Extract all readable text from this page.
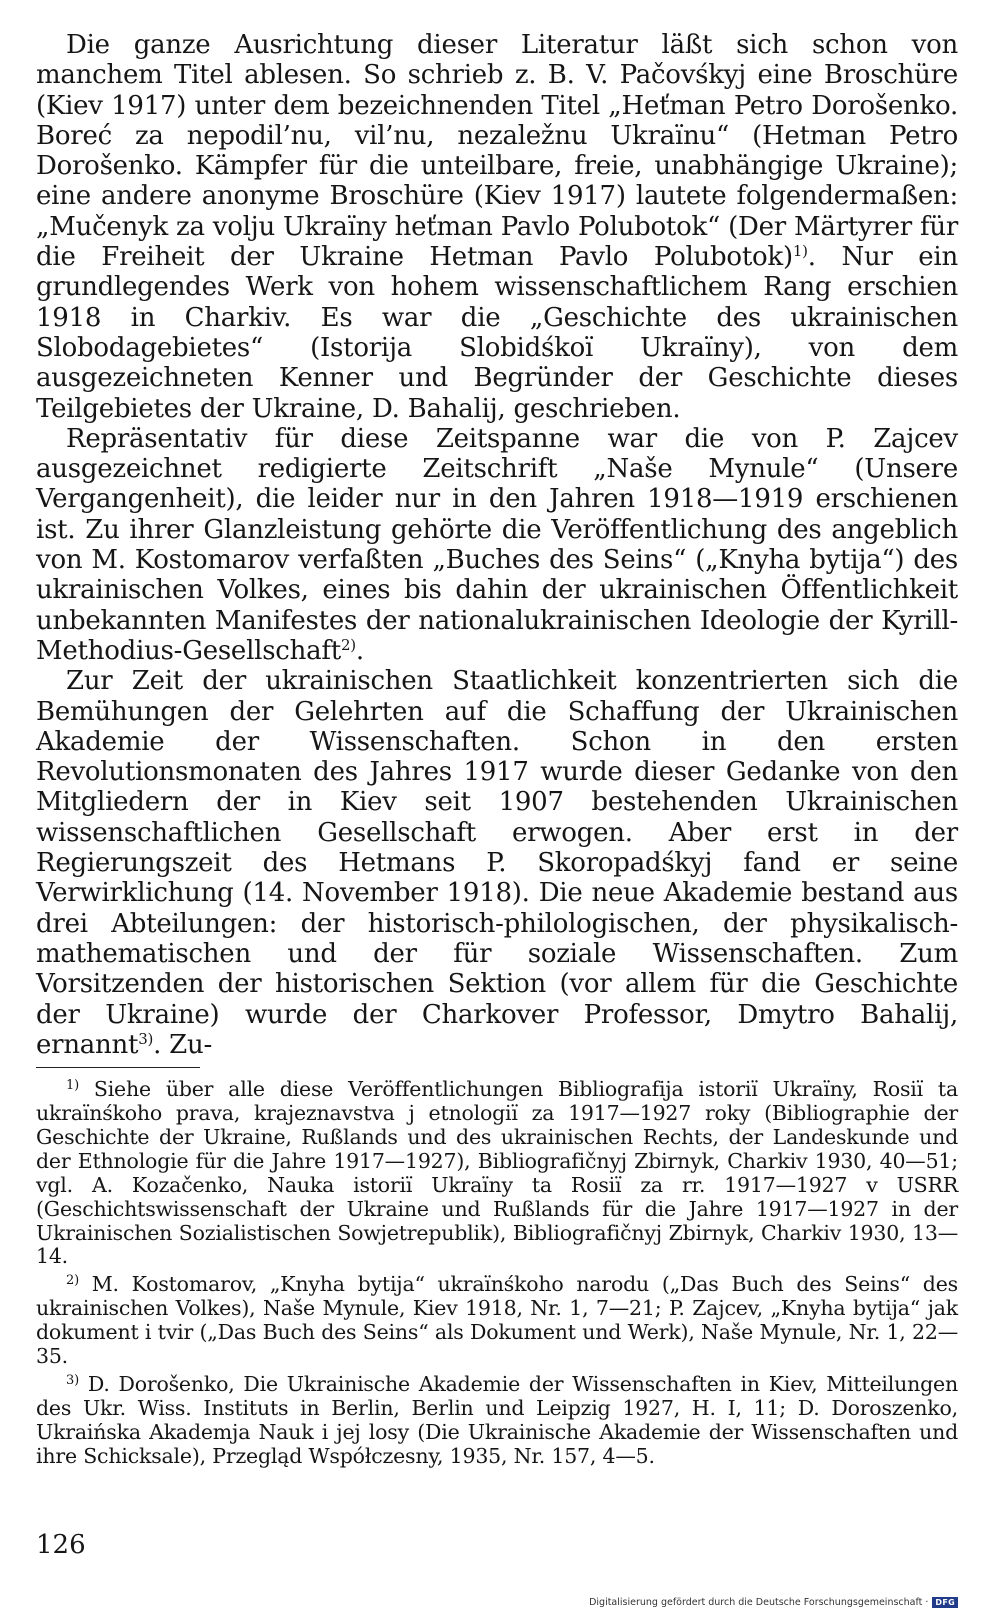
Die ganze Ausrichtung dieser Literatur läßt sich schon von manchem Titel ablesen. So schrieb z. B. V. Pačovśkyj eine Broschüre (Kiev 1917) unter dem bezeichnenden Titel „Heťman Petro Dorošenko. Boreć za nepodil’nu, vil’nu, nezaležnu Ukraïnu“ (Hetman Petro Dorošenko. Kämpfer für die unteilbare, freie, unabhängige Ukraine); eine andere anonyme Broschüre (Kiev 1917) lautete folgendermaßen: „Mučenyk za volju Ukraïny heťman Pavlo Polubotok“ (Der Märtyrer für die Freiheit der Ukraine Hetman Pavlo Polubotok)$^{1)}$. Nur ein grundlegendes Werk von hohem wissenschaftlichem Rang erschien 1918 in Charkiv. Es war die „Geschichte des ukrainischen Slobodagebietes“ (Istorija Slobidśkoï Ukraïny), von dem ausgezeichneten Kenner und Begründer der Geschichte dieses Teilgebietes der Ukraine, D. Bahalij, geschrieben.

Repräsentativ für diese Zeitspanne war die von P. Zajcev ausgezeichnet redigierte Zeitschrift „Naše Mynule“ (Unsere Vergangenheit), die leider nur in den Jahren 1918—1919 erschienen ist. Zu ihrer Glanzleistung gehörte die Veröffentlichung des angeblich von M. Kostomarov verfaßten „Buches des Seins“ („Knyha bytija“) des ukrainischen Volkes, eines bis dahin der ukrainischen Öffentlichkeit unbekannten Manifestes der nationalukrainischen Ideologie der Kyrill-Methodius-Gesellschaft$^{2)}$.

Zur Zeit der ukrainischen Staatlichkeit konzentrierten sich die Bemühungen der Gelehrten auf die Schaffung der Ukrainischen Akademie der Wissenschaften. Schon in den ersten Revolutionsmonaten des Jahres 1917 wurde dieser Gedanke von den Mitgliedern der in Kiev seit 1907 bestehenden Ukrainischen wissenschaftlichen Gesellschaft erwogen. Aber erst in der Regierungszeit des Hetmans P. Skoropadśkyj fand er seine Verwirklichung (14. November 1918). Die neue Akademie bestand aus drei Abteilungen: der historisch-philologischen, der physikalisch-mathematischen und der für soziale Wissenschaften. Zum Vorsitzenden der historischen Sektion (vor allem für die Geschichte der Ukraine) wurde der Charkover Professor, Dmytro Bahalij, ernannt$^{3)}$. Zu-

$^{1)}$ Siehe über alle diese Veröffentlichungen Bibliografija istoriï Ukraïny, Rosiï ta ukraïnśkoho prava, krajeznavstva j etnologiï za 1917—1927 roky (Bibliographie der Geschichte der Ukraine, Rußlands und des ukrainischen Rechts, der Landeskunde und der Ethnologie für die Jahre 1917—1927), Bibliografičnyj Zbirnyk, Charkiv 1930, 40—51; vgl. A. Kozačenko, Nauka istoriï Ukraïny ta Rosiï za rr. 1917—1927 v USRR (Geschichtswissenschaft der Ukraine und Rußlands für die Jahre 1917—1927 in der Ukrainischen Sozialistischen Sowjetrepublik), Bibliografičnyj Zbirnyk, Charkiv 1930, 13—14.

$^{2)}$ M. Kostomarov, „Knyha bytija“ ukraïnśkoho narodu („Das Buch des Seins“ des ukrainischen Volkes), Naše Mynule, Kiev 1918, Nr. 1, 7—21; P. Zajcev, „Knyha bytija“ jak dokument i tvir („Das Buch des Seins“ als Dokument und Werk), Naše Mynule, Nr. 1, 22—35.

$^{3)}$ D. Dorošenko, Die Ukrainische Akademie der Wissenschaften in Kiev, Mitteilungen des Ukr. Wiss. Instituts in Berlin, Berlin und Leipzig 1927, H. I, 11; D. Doroszenko, Ukraińska Akademja Nauk i jej losy (Die Ukrainische Akademie der Wissenschaften und ihre Schicksale), Przegląd Współczesny, 1935, Nr. 157, 4—5.

126

Digitalisierung gefördert durch die Deutsche Forschungsgemeinschaft · DFG
